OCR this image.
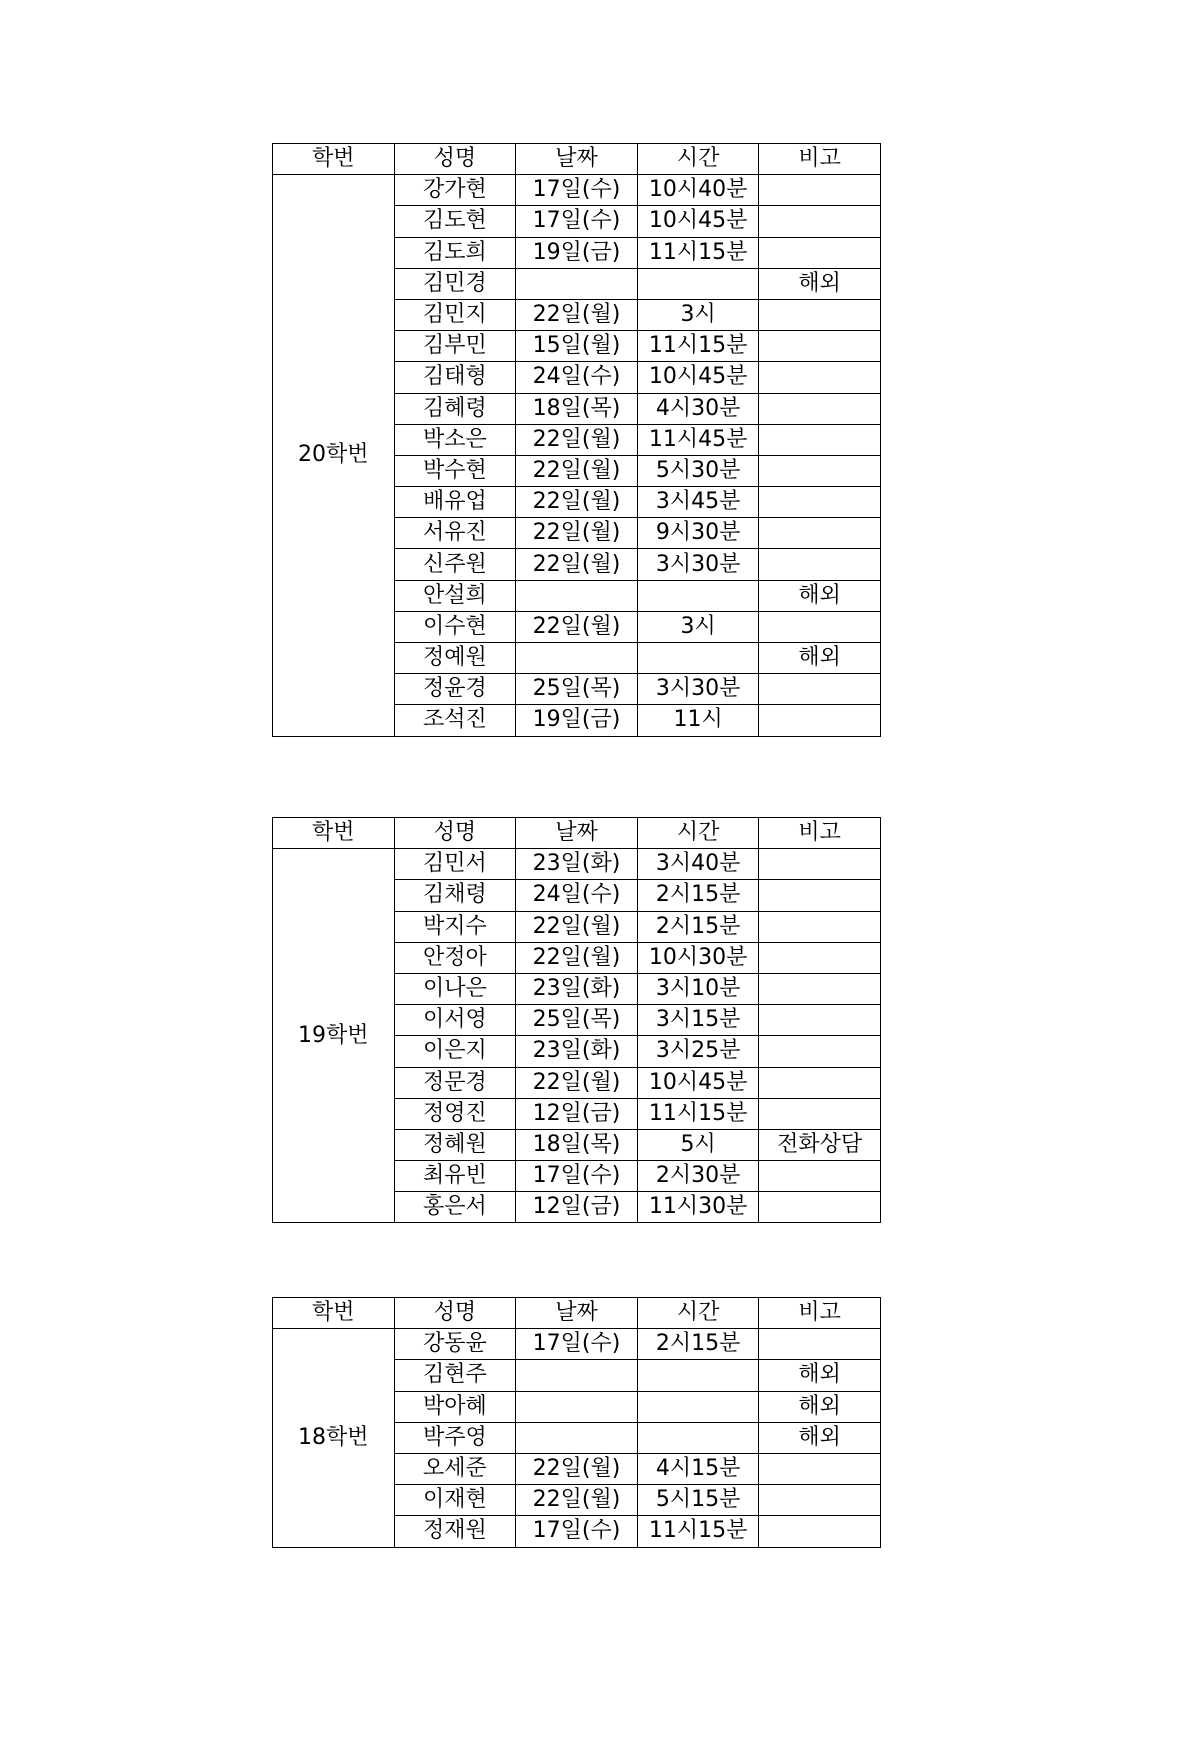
학번	성명	날짜	시간	비고
20학번	강가현	17일(수)	10시40분	
	김도현	17일(수)	10시45분	
	김도희	19일(금)	11시15분	
	김민경			해외
	김민지	22일(월)	3시	
	김부민	15일(월)	11시15분	
	김태형	24일(수)	10시45분	
	김혜령	18일(목)	4시30분	
	박소은	22일(월)	11시45분	
	박수현	22일(월)	5시30분	
	배유업	22일(월)	3시45분	
	서유진	22일(월)	9시30분	
	신주원	22일(월)	3시30분	
	안설희			해외
	이수현	22일(월)	3시	
	정예원			해외
	정윤경	25일(목)	3시30분	
	조석진	19일(금)	11시	
학번	성명	날짜	시간	비고
19학번	김민서	23일(화)	3시40분	
	김채령	24일(수)	2시15분	
	박지수	22일(월)	2시15분	
	안정아	22일(월)	10시30분	
	이나은	23일(화)	3시10분	
	이서영	25일(목)	3시15분	
	이은지	23일(화)	3시25분	
	정문경	22일(월)	10시45분	
	정영진	12일(금)	11시15분	
	정혜원	18일(목)	5시	전화상담
	최유빈	17일(수)	2시30분	
	홍은서	12일(금)	11시30분	
학번	성명	날짜	시간	비고
18학번	강동윤	17일(수)	2시15분	
	김현주			해외
	박아혜			해외
	박주영			해외
	오세준	22일(월)	4시15분	
	이재현	22일(월)	5시15분	
	정재원	17일(수)	11시15분	
